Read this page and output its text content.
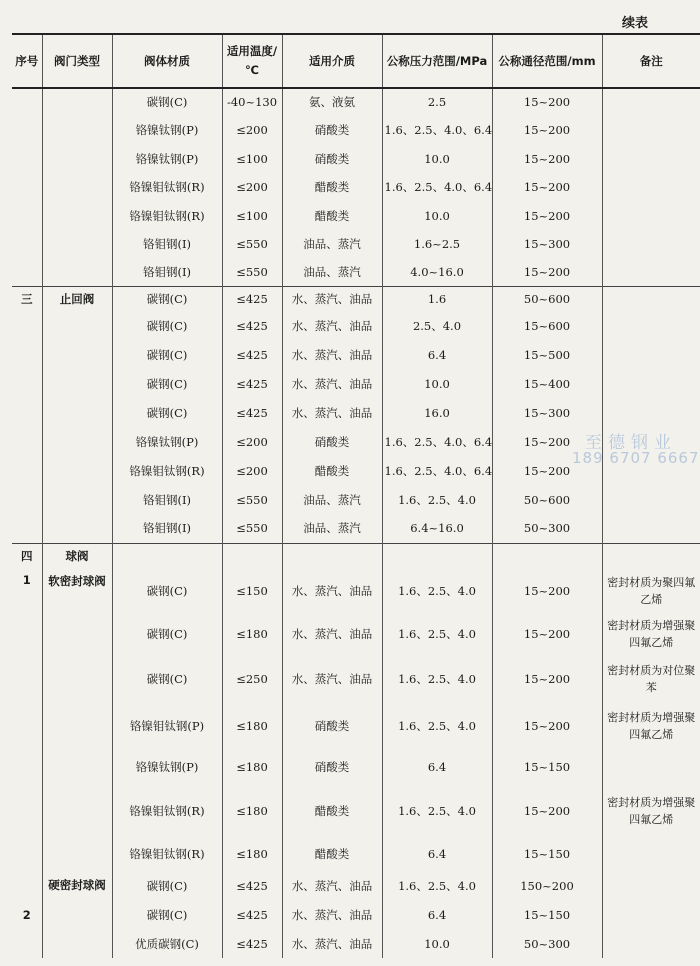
续表
至德钢业
189 6707 6667
序号	阀门类型	阀体材质	适用温度/℃	适用介质	公称压力范围/MPa	公称通径范围/mm	备注
		碳钢(C)	-40~130	氨、液氨	2.5	15~200	
		铬镍钛钢(P)	≤200	硝酸类	1.6、2.5、4.0、6.4	15~200	
		铬镍钛钢(P)	≤100	硝酸类	10.0	15~200	
		铬镍钼钛钢(R)	≤200	醋酸类	1.6、2.5、4.0、6.4	15~200	
		铬镍钼钛钢(R)	≤100	醋酸类	10.0	15~200	
		铬钼钢(I)	≤550	油品、蒸汽	1.6~2.5	15~300	
		铬钼钢(I)	≤550	油品、蒸汽	4.0~16.0	15~200	
三	止回阀	碳钢(C)	≤425	水、蒸汽、油品	1.6	50~600	
		碳钢(C)	≤425	水、蒸汽、油品	2.5、4.0	15~600	
		碳钢(C)	≤425	水、蒸汽、油品	6.4	15~500	
		碳钢(C)	≤425	水、蒸汽、油品	10.0	15~400	
		碳钢(C)	≤425	水、蒸汽、油品	16.0	15~300	
		铬镍钛钢(P)	≤200	硝酸类	1.6、2.5、4.0、6.4	15~200	
		铬镍钼钛钢(R)	≤200	醋酸类	1.6、2.5、4.0、6.4	15~200	
		铬钼钢(I)	≤550	油品、蒸汽	1.6、2.5、4.0	50~600	
		铬钼钢(I)	≤550	油品、蒸汽	6.4~16.0	50~300	
四	球阀						
1	软密封球阀	碳钢(C)	≤150	水、蒸汽、油品	1.6、2.5、4.0	15~200	密封材质为聚四氟乙烯
		碳钢(C)	≤180	水、蒸汽、油品	1.6、2.5、4.0	15~200	密封材质为增强聚四氟乙烯
		碳钢(C)	≤250	水、蒸汽、油品	1.6、2.5、4.0	15~200	密封材质为对位聚苯
		铬镍钼钛钢(P)	≤180	硝酸类	1.6、2.5、4.0	15~200	密封材质为增强聚四氟乙烯
		铬镍钛钢(P)	≤180	硝酸类	6.4	15~150	
		铬镍钼钛钢(R)	≤180	醋酸类	1.6、2.5、4.0	15~200	密封材质为增强聚四氟乙烯
		铬镍钼钛钢(R)	≤180	醋酸类	6.4	15~150	
2	硬密封球阀	碳钢(C)	≤425	水、蒸汽、油品	1.6、2.5、4.0	150~200	
		碳钢(C)	≤425	水、蒸汽、油品	6.4	15~150	
		优质碳钢(C)	≤425	水、蒸汽、油品	10.0	50~300	
